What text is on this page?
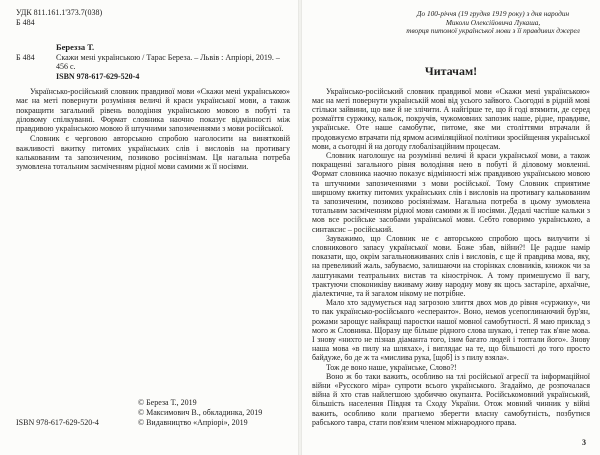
УДК 811.161.1'373.7(038)
Б 484
Б 484
Березза Т.
Скажи мені українською / Тарас Береза. – Львів : Апріорі, 2019. – 456 с.
ISBN 978-617-629-520-4

Українсько-російський словник правдивої мови «Скажи мені українською» має на меті повернути розуміння величі й краси української мови, а також покращити загальний рівень володіння українською мовою в побуті та діловому спілкуванні. Формат словника наочно показує відмінності між правдивою українською мовою й штучними запозиченнями з мови російської.

Словник є черговою авторською спробою наголосити на винятковій важливості вжитку питомих українських слів і висловів на противагу калькованим та запозиченим, позиково росіянізмам. Ця нагальна потреба зумовлена тотальним засміченням рідної мови самими ж її носіями.

ISBN 978-617-629-520-4
© Береза Т., 2019
© Максимович В., обкладинка, 2019
© Видавництво «Апріорі», 2019
До 100-річчя (19 грудня 1919 року) з дня народин
Миколи Олексійовича Лукаша,
творця питомої української мови з її правдивих джерел
Читачам!

Українсько-російський словник правдивої мови «Скажи мені українською» має на меті повернути українській мові від усього зайвого. Сьогодні в рідній мові стільки зайвини, що вже й не злічити. А найгірше те, що й годі втямити, де серед розмаїття суржику, кальок, покручів, чужомовних запозик наше, рідне, правдиве, українське. Оте наше самобутнє, питоме, яке ми століттями втрачали й продовжуємо втрачати під ярмом асиміляційної політики зросійщення української мови, а сьогодні й на догоду глобалізаційним процесам.

Словник наголошує на розумінні величі й краси української мови, а також покращенні загального рівня володіння нею в побуті й діловому мовленні. Формат словника наочно показує відмінності між правдивою українською мовою та штучними запозиченнями з мови російської. Тому Словник сприятиме ширшому вжитку питомих українських слів і висловів на противагу калькованим та запозиченим, позиково росіянізмам. Нагальна потреба в цьому зумовлена тотальним засміченням рідної мови самими ж її носіями. Дедалі частіше кальки з мов все російське засобами української мови. Себто говоримо українською, а синтаксис – російський.

Зауважимо, що Словник не є авторською спробою щось вилучити зі словникового запасу української мови. Боже збав, війни?! Це радше намір показати, що, окрім загальновживаних слів і висловів, є ще й правдива мова, яку, на превеликий жаль, забуваємо, залишаючи на сторінках словників, книжок чи за лаштунками театральних вистав та кінострічок. А тому примешуємо її вагу, трактуючи спокониківу вживаму живу народну мову як щось застаріле, архаїчне, діалектичне, та й загалом нікому не потрібне.

Мало хто задумується над загрозою злиття двох мов до рівня «суржику», чи то пак українсько-російського «есперанто». Воно, немов усепоглинаючий бур'ян, рожами зарощує найкращі паростки нашої мовної самобутності. Я маю приклад з мого ж Словника. Щоразу ще більше рідного слова шукаю, і тепер так в'яне мова. І знову «нихто не пізнав діаманта того, ізим багато людей і топтали його». Знову наша мова «в пилу на шляхах», і виглядає на те, що більшості до того просто байдуже, бо де ж та «мислива рука, [щоб] із з пилу взяла».

Тож де воно наше, українське, Слово?!

Воно ж бо таки важить, особливо на тлі російської агресії та інформаційної війни «Русского міра» супроти всього українського. Згадаймо, де розпочалася війна й хто став найлегшою здобиччю окупанта. Російськомовний український, більшість населення Півдня та Сходу України. Отож мовний чинник у війні важить, особливо коли прагнемо зберегти власну самобутність, позбутися рабського тавра, стати пов'язим членом міжнародного права.

3
